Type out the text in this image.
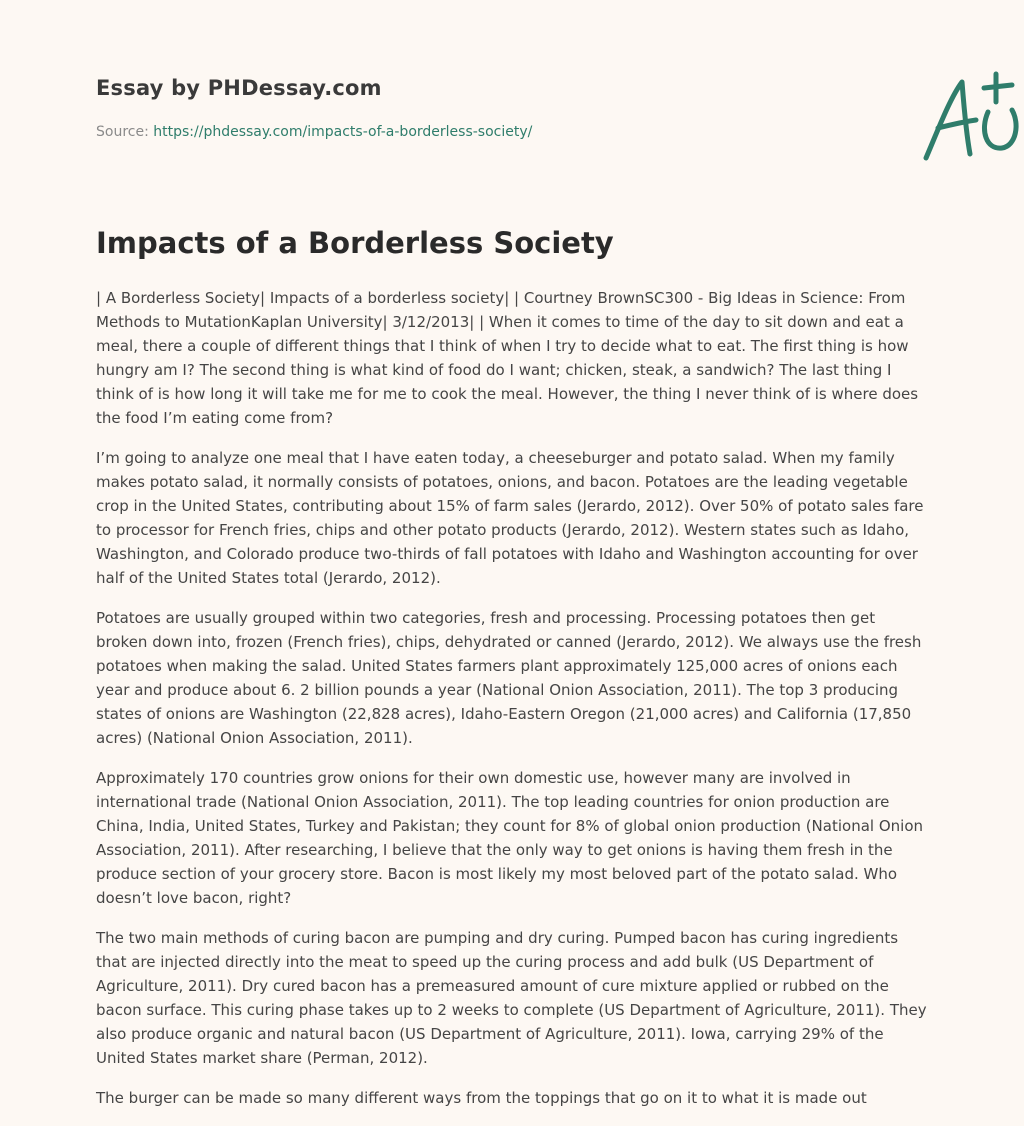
Essay by PHDessay.com
Source: https://phdessay.com/impacts-of-a-borderless-society/
Impacts of a Borderless Society

| A Borderless Society| Impacts of a borderless society| | Courtney BrownSC300 - Big Ideas in Science: From Methods to MutationKaplan University| 3/12/2013| | When it comes to time of the day to sit down and eat a meal, there a couple of different things that I think of when I try to decide what to eat. The first thing is how hungry am I? The second thing is what kind of food do I want; chicken, steak, a sandwich? The last thing I think of is how long it will take me for me to cook the meal. However, the thing I never think of is where does the food I’m eating come from?

I’m going to analyze one meal that I have eaten today, a cheeseburger and potato salad. When my family makes potato salad, it normally consists of potatoes, onions, and bacon. Potatoes are the leading vegetable crop in the United States, contributing about 15% of farm sales (Jerardo, 2012). Over 50% of potato sales fare to processor for French fries, chips and other potato products (Jerardo, 2012). Western states such as Idaho, Washington, and Colorado produce two-thirds of fall potatoes with Idaho and Washington accounting for over half of the United States total (Jerardo, 2012).

Potatoes are usually grouped within two categories, fresh and processing. Processing potatoes then get broken down into, frozen (French fries), chips, dehydrated or canned (Jerardo, 2012). We always use the fresh potatoes when making the salad. United States farmers plant approximately 125,000 acres of onions each year and produce about 6. 2 billion pounds a year (National Onion Association, 2011). The top 3 producing states of onions are Washington (22,828 acres), Idaho-Eastern Oregon (21,000 acres) and California (17,850 acres) (National Onion Association, 2011).

Approximately 170 countries grow onions for their own domestic use, however many are involved in international trade (National Onion Association, 2011). The top leading countries for onion production are China, India, United States, Turkey and Pakistan; they count for 8% of global onion production (National Onion Association, 2011). After researching, I believe that the only way to get onions is having them fresh in the produce section of your grocery store. Bacon is most likely my most beloved part of the potato salad. Who doesn’t love bacon, right?

The two main methods of curing bacon are pumping and dry curing. Pumped bacon has curing ingredients that are injected directly into the meat to speed up the curing process and add bulk (US Department of Agriculture, 2011). Dry cured bacon has a premeasured amount of cure mixture applied or rubbed on the bacon surface. This curing phase takes up to 2 weeks to complete (US Department of Agriculture, 2011). They also produce organic and natural bacon (US Department of Agriculture, 2011). Iowa, carrying 29% of the United States market share (Perman, 2012).

The burger can be made so many different ways from the toppings that go on it to what it is made out
